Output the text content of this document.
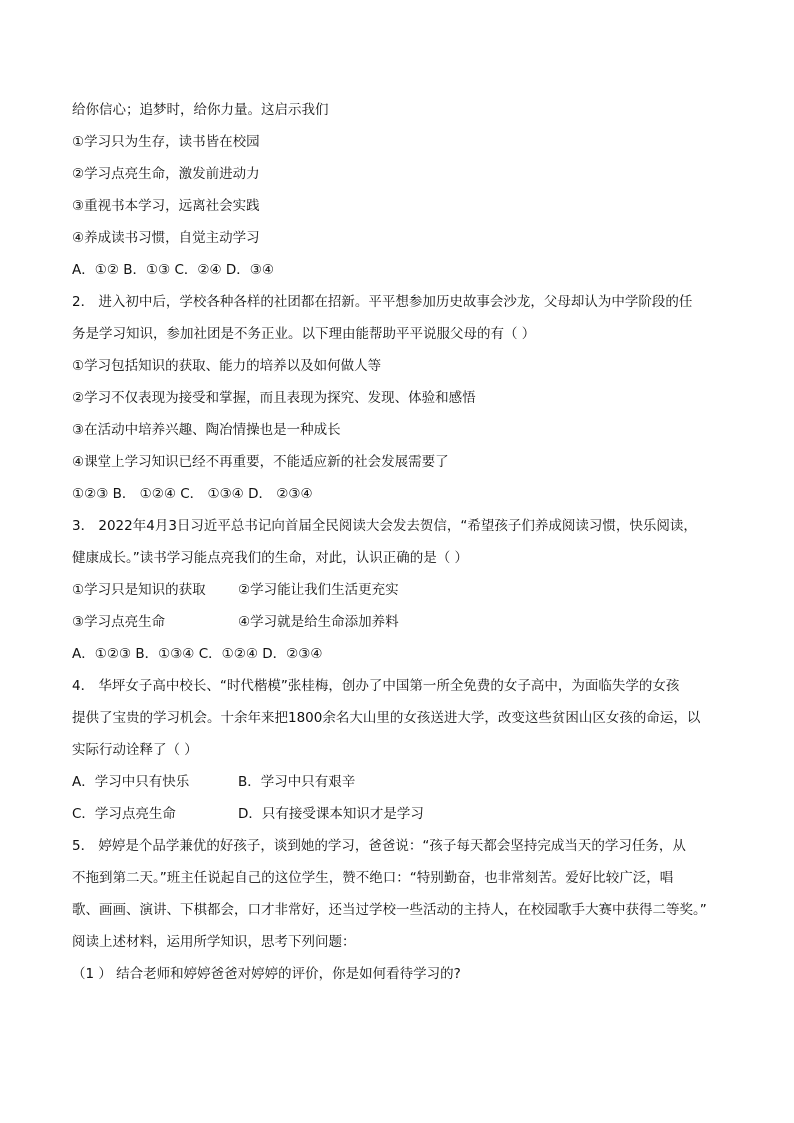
给你信心；追梦时，给你力量。这启示我们
①学习只为生存，读书皆在校园
②学习点亮生命，激发前进动力
③重视书本学习，远离社会实践
④养成读书习惯，自觉主动学习
A．①② B．①③ C．②④ D．③④
2． 进入初中后，学校各种各样的社团都在招新。平平想参加历史故事会沙龙，父母却认为中学阶段的任
务是学习知识，参加社团是不务正业。以下理由能帮助平平说服父母的有（ ）
①学习包括知识的获取、能力的培养以及如何做人等
②学习不仅表现为接受和掌握，而且表现为探究、发现、体验和感悟
③在活动中培养兴趣、陶冶情操也是一种成长
④课堂上学习知识已经不再重要，不能适应新的社会发展需要了
①②③ B． ①②④ C． ①③④ D． ②③④
3． 2022年4月3日习近平总书记向首届全民阅读大会发去贺信，“希望孩子们养成阅读习惯，快乐阅读，
健康成长。”读书学习能点亮我们的生命，对此，认识正确的是（ ）
①学习只是知识的获取 ②学习能让我们生活更充实
③学习点亮生命	④学习就是给生命添加养料
A．①②③ B．①③④ C．①②④ D．②③④
4． 华坪女子高中校长、“时代楷模”张桂梅，创办了中国第一所全免费的女子高中，为面临失学的女孩
提供了宝贵的学习机会。十余年来把1800余名大山里的女孩送进大学，改变这些贫困山区女孩的命运，以
实际行动诠释了（ ）
A．学习中只有快乐	B．学习中只有艰辛
C．学习点亮生命	D．只有接受课本知识才是学习
5． 婷婷是个品学兼优的好孩子，谈到她的学习，爸爸说：“孩子每天都会坚持完成当天的学习任务，从
不拖到第二天。”班主任说起自己的这位学生，赞不绝口：“特别勤奋，也非常刻苦。爱好比较广泛，唱
歌、画画、演讲、下棋都会，口才非常好，还当过学校一些活动的主持人，在校园歌手大赛中获得二等奖。”
阅读上述材料，运用所学知识，思考下列问题：
（1 ） 结合老师和婷婷爸爸对婷婷的评价，你是如何看待学习的?
